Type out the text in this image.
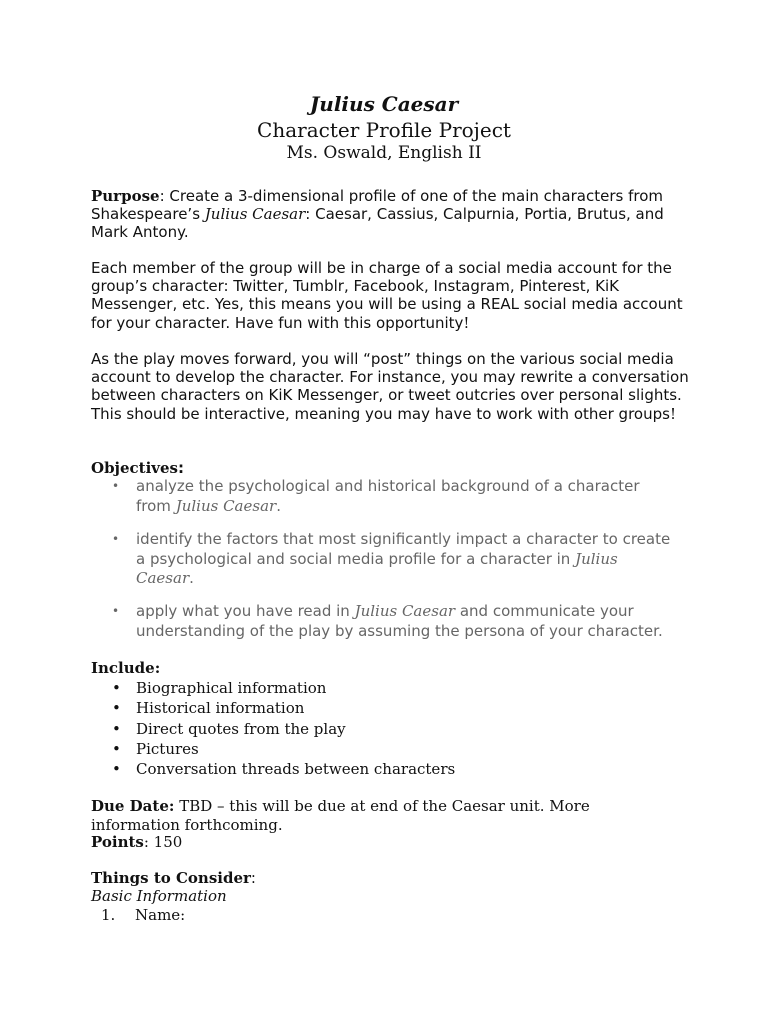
Julius Caesar
Character Profile Project
Ms. Oswald, English II
Purpose: Create a 3-dimensional profile of one of the main characters from Shakespeare’s Julius Caesar: Caesar, Cassius, Calpurnia, Portia, Brutus, and Mark Antony.
Each member of the group will be in charge of a social media account for the group’s character: Twitter, Tumblr, Facebook, Instagram, Pinterest, KiK Messenger, etc. Yes, this means you will be using a REAL social media account for your character. Have fun with this opportunity!
As the play moves forward, you will “post” things on the various social media account to develop the character. For instance, you may rewrite a conversation between characters on KiK Messenger, or tweet outcries over personal slights. This should be interactive, meaning you may have to work with other groups!
Objectives:
• analyze the psychological and historical background of a character from Julius Caesar.
• identify the factors that most significantly impact a character to create a psychological and social media profile for a character in Julius Caesar.
• apply what you have read in Julius Caesar and communicate your understanding of the play by assuming the persona of your character.
Include:
• Biographical information
• Historical information
• Direct quotes from the play
• Pictures
• Conversation threads between characters
Due Date: TBD – this will be due at end of the Caesar unit. More information forthcoming.
Points: 150
Things to Consider:
Basic Information
1. Name:
